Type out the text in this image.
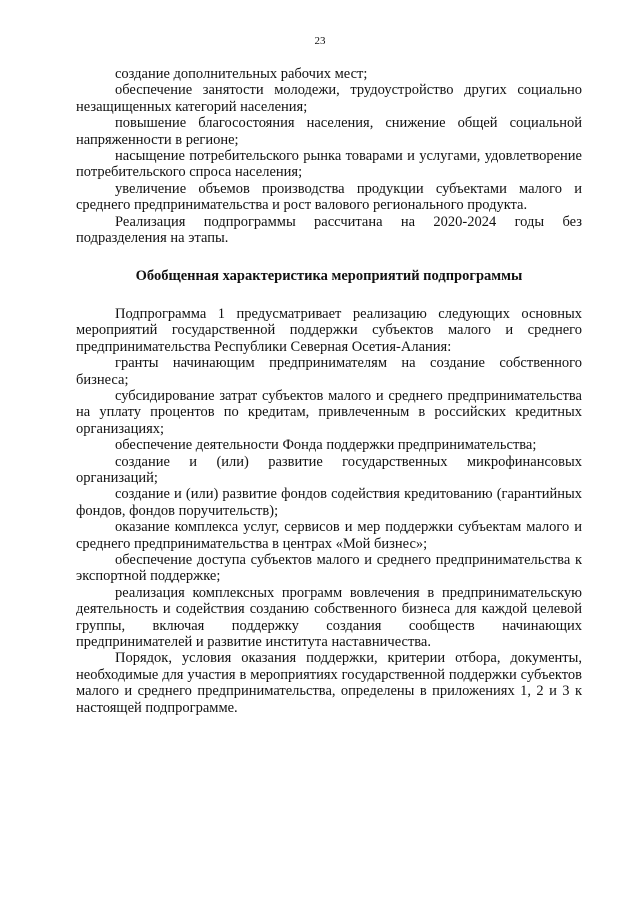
23

создание дополнительных рабочих мест;

обеспечение занятости молодежи, трудоустройство других социально незащищенных категорий населения;

повышение благосостояния населения, снижение общей социальной напряженности в регионе;

насыщение потребительского рынка товарами и услугами, удовлетворение потребительского спроса населения;

увеличение объемов производства продукции субъектами малого и среднего предпринимательства и рост валового регионального продукта.

Реализация подпрограммы рассчитана на 2020-2024 годы без подразделения на этапы.

Обобщенная характеристика мероприятий подпрограммы

Подпрограмма 1 предусматривает реализацию следующих основных мероприятий государственной поддержки субъектов малого и среднего предпринимательства Республики Северная Осетия-Алания:

гранты начинающим предпринимателям на создание собственного бизнеса;

субсидирование затрат субъектов малого и среднего предпринимательства на уплату процентов по кредитам, привлеченным в российских кредитных организациях;

обеспечение деятельности Фонда поддержки предпринимательства;

создание и (или) развитие государственных микрофинансовых организаций;

создание и (или) развитие фондов содействия кредитованию (гарантийных фондов, фондов поручительств);

оказание комплекса услуг, сервисов и мер поддержки субъектам малого и среднего предпринимательства в центрах «Мой бизнес»;

обеспечение доступа субъектов малого и среднего предпринимательства к экспортной поддержке;

реализация комплексных программ вовлечения в предпринимательскую деятельность и содействия созданию собственного бизнеса для каждой целевой группы, включая поддержку создания сообществ начинающих предпринимателей и развитие института наставничества.

Порядок, условия оказания поддержки, критерии отбора, документы, необходимые для участия в мероприятиях государственной поддержки субъектов малого и среднего предпринимательства, определены в приложениях 1, 2 и 3 к настоящей подпрограмме.
